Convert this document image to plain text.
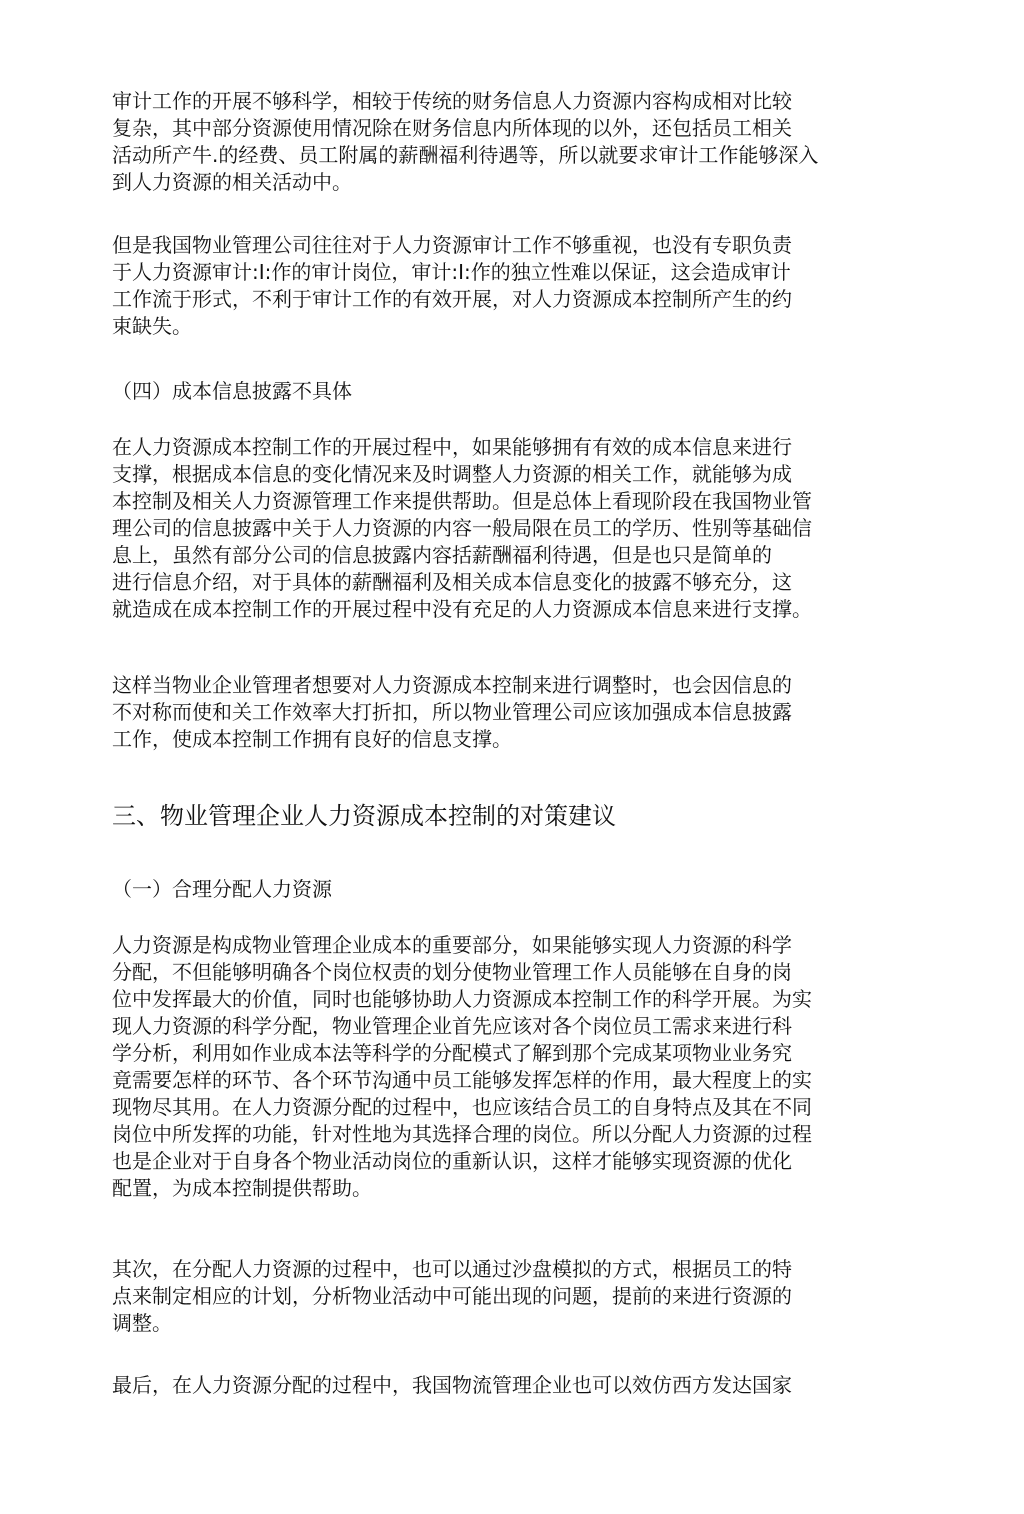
审计工作的开展不够科学，相较于传统的财务信息人力资源内容构成相对比较
复杂，其中部分资源使用情况除在财务信息内所体现的以外，还包括员工相关
活动所产牛.的经费、员工附属的薪酬福利待遇等，所以就要求审计工作能够深入
到人力资源的相关活动中。
但是我国物业管理公司往往对于人力资源审计工作不够重视，也没有专职负责
于人力资源审计:I:作的审计岗位，审计:I:作的独立性难以保证，这会造成审计
工作流于形式，不利于审计工作的有效开展，对人力资源成本控制所产生的约
束缺失。
（四）成本信息披露不具体
在人力资源成本控制工作的开展过程中，如果能够拥有有效的成本信息来进行
支撑，根据成本信息的变化情况来及时调整人力资源的相关工作，就能够为成
本控制及相关人力资源管理工作来提供帮助。但是总体上看现阶段在我国物业管
理公司的信息披露中关于人力资源的内容一般局限在员工的学历、性别等基础信
息上，虽然有部分公司的信息披露内容括薪酬福利待遇，但是也只是简单的
进行信息介绍，对于具体的薪酬福利及相关成本信息变化的披露不够充分，这
就造成在成本控制工作的开展过程中没有充足的人力资源成本信息来进行支撑。
这样当物业企业管理者想要对人力资源成本控制来进行调整时，也会因信息的
不对称而使和关工作效率大打折扣，所以物业管理公司应该加强成本信息披露
工作，使成本控制工作拥有良好的信息支撑。
三、物业管理企业人力资源成本控制的对策建议
（一）合理分配人力资源
人力资源是构成物业管理企业成本的重要部分，如果能够实现人力资源的科学
分配，不但能够明确各个岗位权责的划分使物业管理工作人员能够在自身的岗
位中发挥最大的价值，同时也能够协助人力资源成本控制工作的科学开展。为实
现人力资源的科学分配，物业管理企业首先应该对各个岗位员工需求来进行科
学分析，利用如作业成本法等科学的分配模式了解到那个完成某项物业业务究
竟需要怎样的环节、各个环节沟通中员工能够发挥怎样的作用，最大程度上的实
现物尽其用。在人力资源分配的过程中，也应该结合员工的自身特点及其在不同
岗位中所发挥的功能，针对性地为其选择合理的岗位。所以分配人力资源的过程
也是企业对于自身各个物业活动岗位的重新认识，这样才能够实现资源的优化
配置，为成本控制提供帮助。
其次，在分配人力资源的过程中，也可以通过沙盘模拟的方式，根据员工的特
点来制定相应的计划，分析物业活动中可能出现的问题，提前的来进行资源的
调整。
最后，在人力资源分配的过程中，我国物流管理企业也可以效仿西方发达国家
